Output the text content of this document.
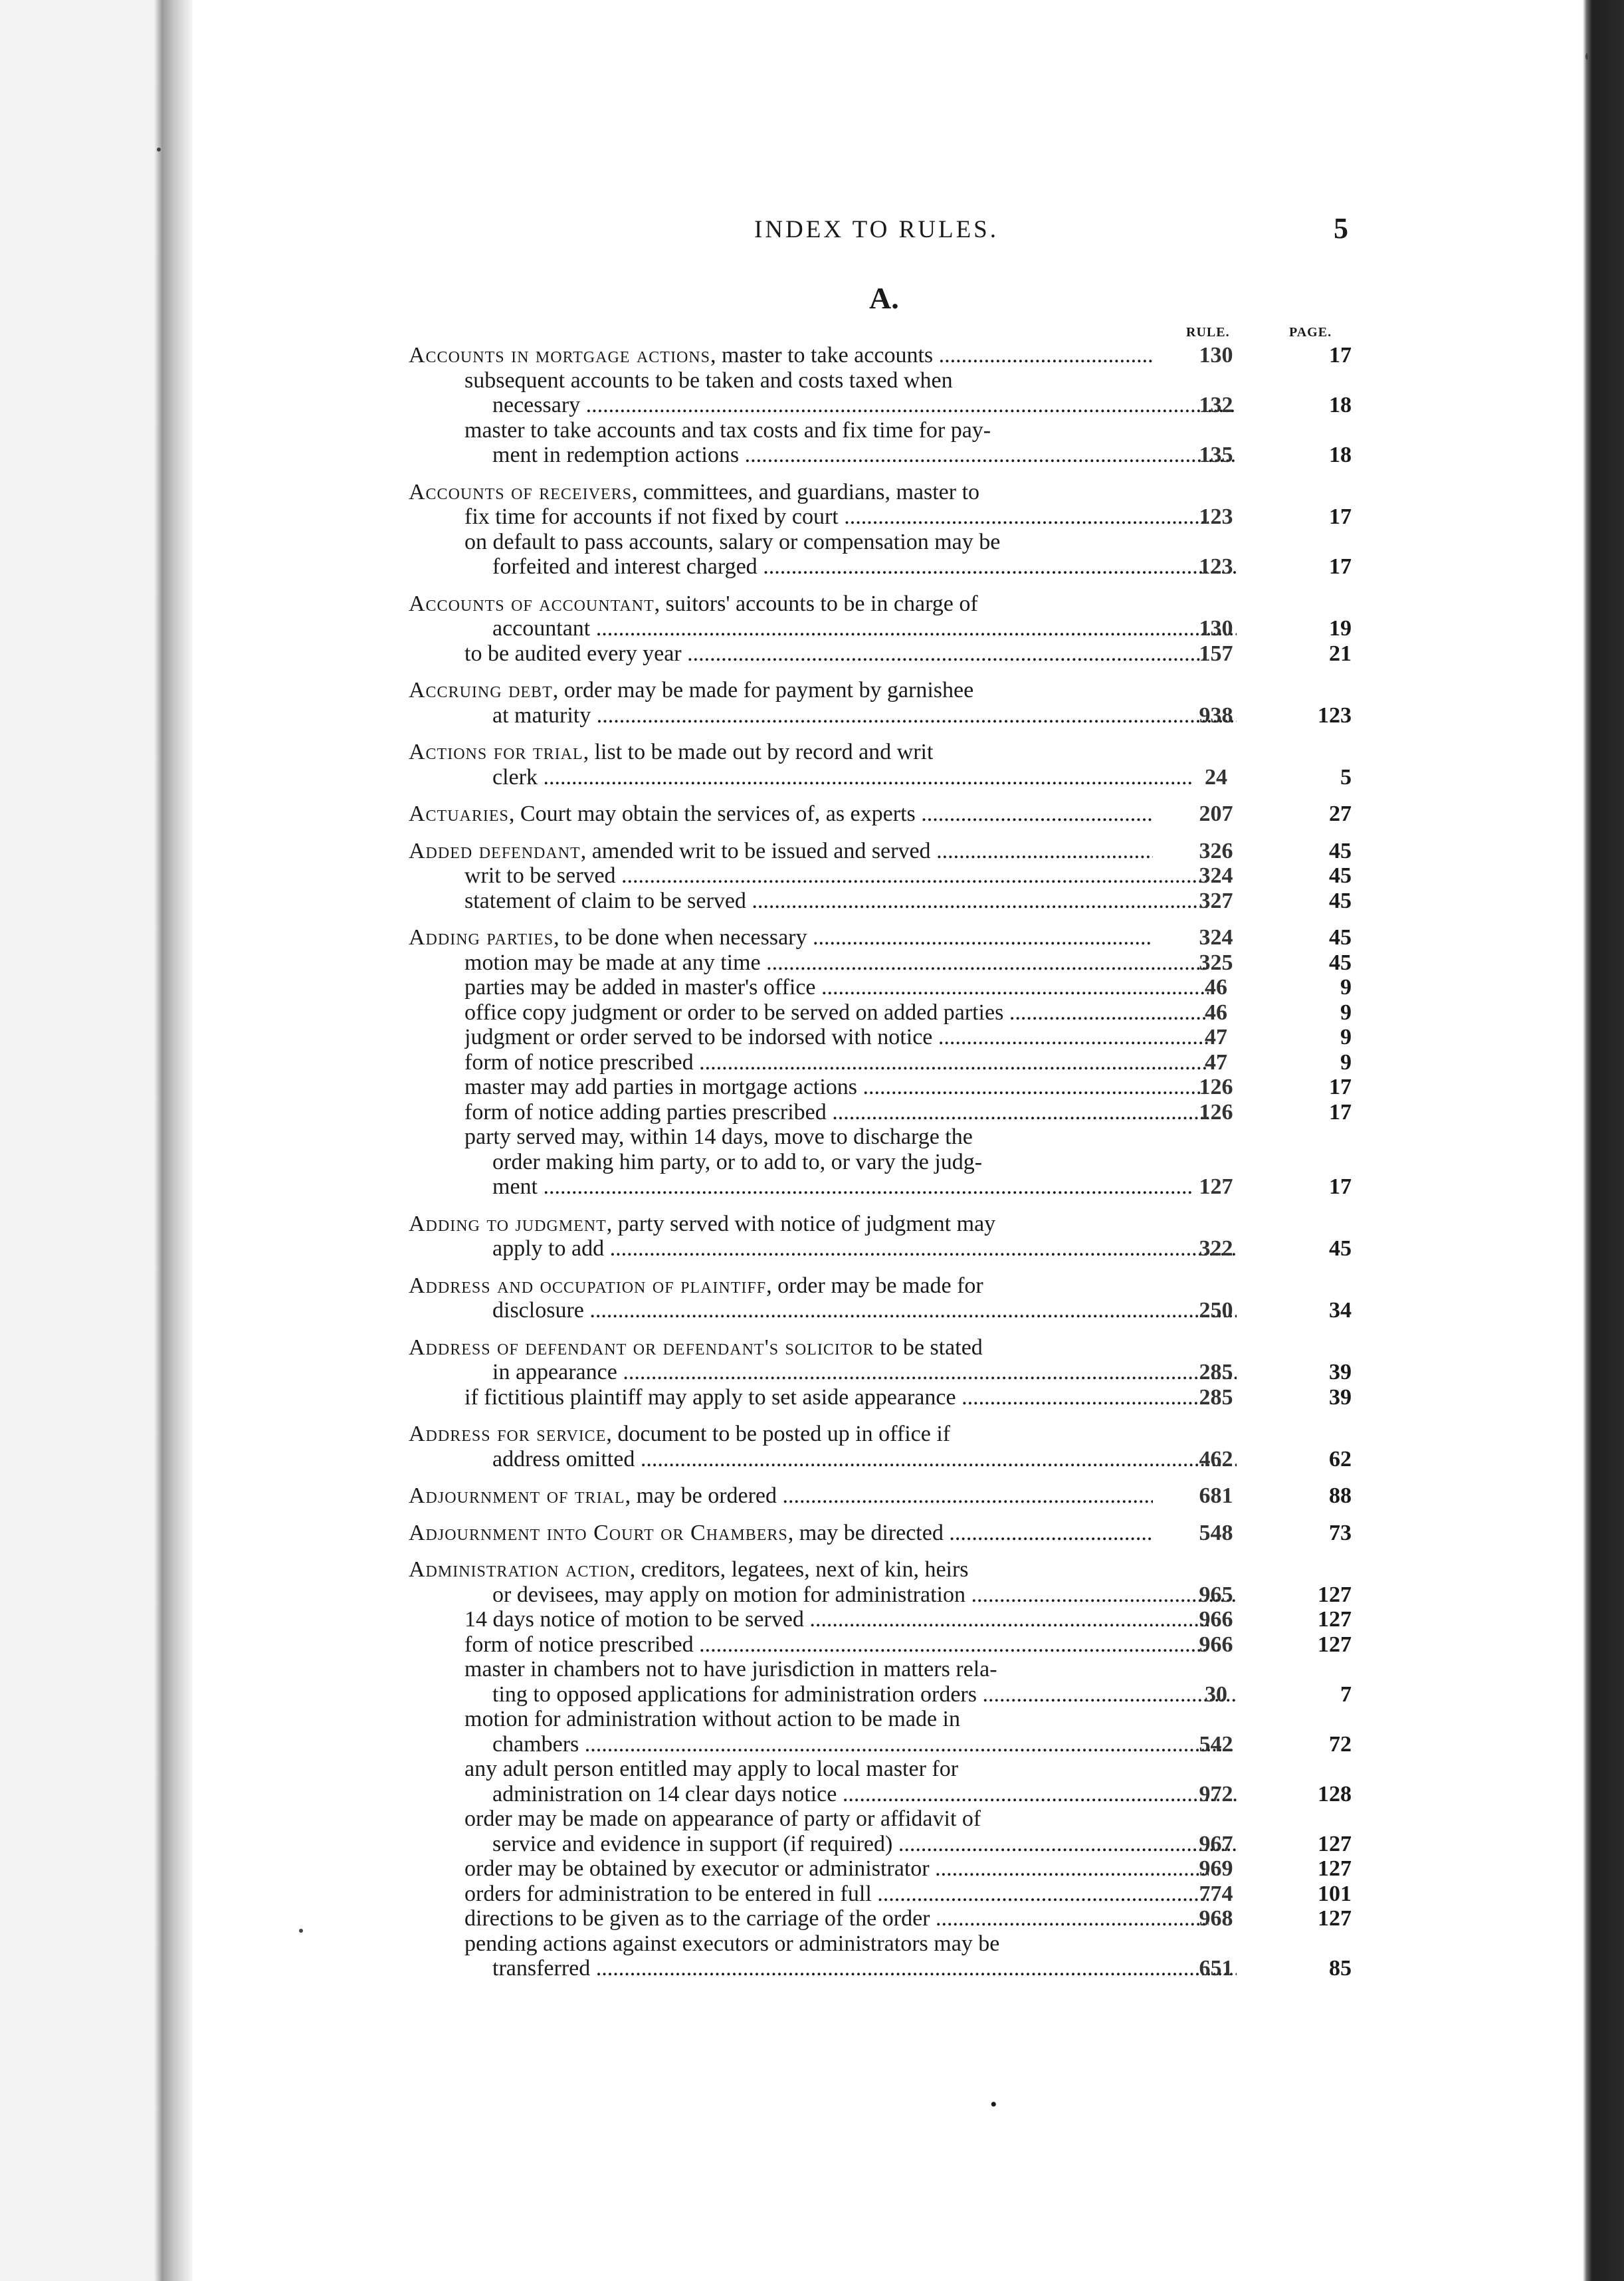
INDEX TO RULES.	5
A.
RULE.	PAGE.
Accounts in mortgage actions, master to take accounts .....	130	17
subsequent accounts to be taken and costs taxed when
necessary .....	132	18
master to take accounts and tax costs and fix time for pay-
ment in redemption actions .....	135	18
Accounts of receivers, committees, and guardians, master to
fix time for accounts if not fixed by court .....	123	17
on default to pass accounts, salary or compensation may be
forfeited and interest charged .....	123	17
Accounts of accountant, suitors' accounts to be in charge of
accountant .....	130	19
to be audited every year .....	157	21
Accruing debt, order may be made for payment by garnishee
at maturity .....	938	123
Actions for trial, list to be made out by record and writ
clerk .....	24	5
Actuaries, Court may obtain the services of, as experts .....	207	27
Added defendant, amended writ to be issued and served .....	326	45
writ to be served .....	324	45
statement of claim to be served .....	327	45
Adding parties, to be done when necessary .....	324	45
motion may be made at any time .....	325	45
parties may be added in master's office .....	46	9
office copy judgment or order to be served on added parties .....	46	9
judgment or order served to be indorsed with notice .....	47	9
form of notice prescribed .....	47	9
master may add parties in mortgage actions .....	126	17
form of notice adding parties prescribed .....	126	17
party served may, within 14 days, move to discharge the
order making him party, or to add to, or vary the judg-
ment .....	127	17
Adding to judgment, party served with notice of judgment may
apply to add .....	322	45
Address and occupation of plaintiff, order may be made for
disclosure .....	250	34
Address of defendant or defendant's solicitor to be stated
in appearance .....	285	39
if fictitious plaintiff may apply to set aside appearance .....	285	39
Address for service, document to be posted up in office if
address omitted .....	462	62
Adjournment of trial, may be ordered .....	681	88
Adjournment into Court or Chambers, may be directed .....	548	73
Administration action, creditors, legatees, next of kin, heirs
or devisees, may apply on motion for administration .....	965	127
14 days notice of motion to be served .....	966	127
form of notice prescribed .....	966	127
master in chambers not to have jurisdiction in matters rela-
ting to opposed applications for administration orders .....	30	7
motion for administration without action to be made in
chambers .....	542	72
any adult person entitled may apply to local master for
administration on 14 clear days notice .....	972	128
order may be made on appearance of party or affidavit of
service and evidence in support (if required) .....	967	127
order may be obtained by executor or administrator .....	969	127
orders for administration to be entered in full .....	774	101
directions to be given as to the carriage of the order .....	968	127
pending actions against executors or administrators may be
transferred .....	651	85
•
